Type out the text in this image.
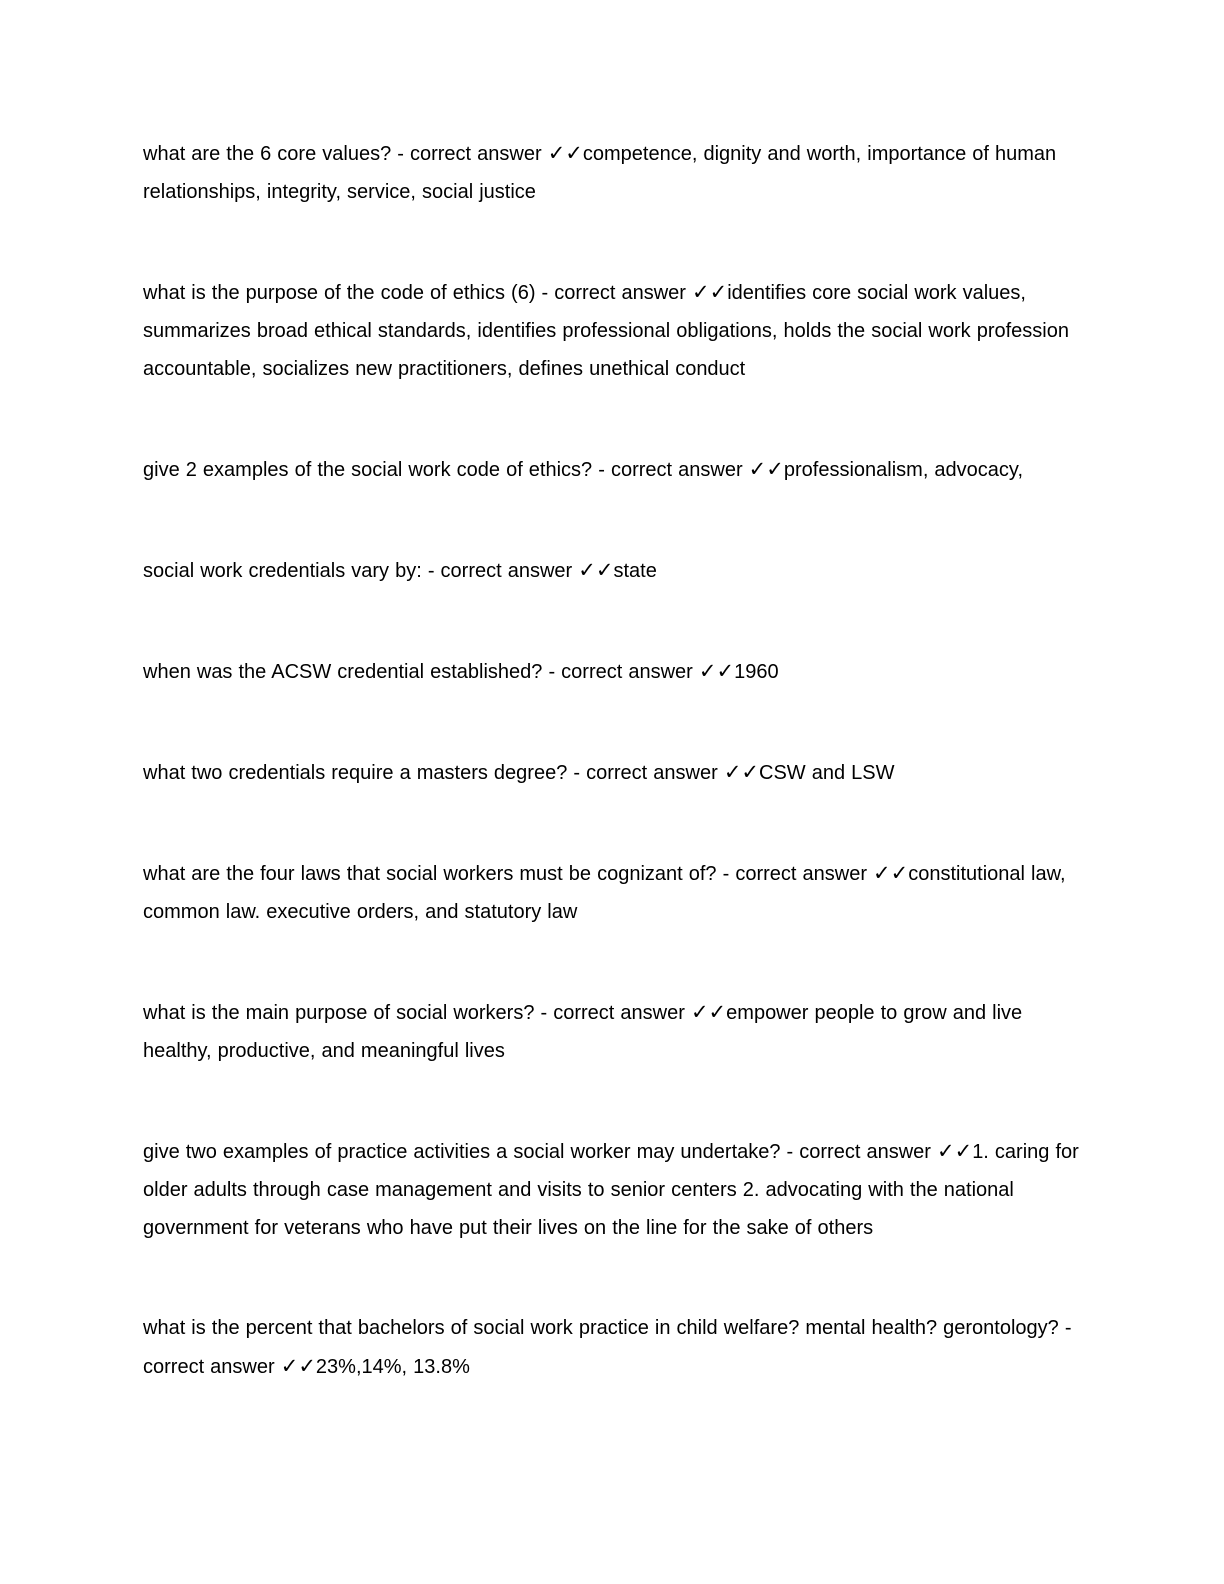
what are the 6 core values? - correct answer ✓✓competence, dignity and worth, importance of human relationships, integrity, service, social justice

what is the purpose of the code of ethics (6) - correct answer ✓✓identifies core social work values, summarizes broad ethical standards, identifies professional obligations, holds the social work profession accountable, socializes new practitioners, defines unethical conduct

give 2 examples of the social work code of ethics? - correct answer ✓✓professionalism, advocacy,

social work credentials vary by: - correct answer ✓✓state

when was the ACSW credential established? - correct answer ✓✓1960

what two credentials require a masters degree? - correct answer ✓✓CSW and LSW

what are the four laws that social workers must be cognizant of? - correct answer ✓✓constitutional law, common law. executive orders, and statutory law

what is the main purpose of social workers? - correct answer ✓✓empower people to grow and live healthy, productive, and meaningful lives

give two examples of practice activities a social worker may undertake? - correct answer ✓✓1. caring for older adults through case management and visits to senior centers 2. advocating with the national government for veterans who have put their lives on the line for the sake of others

what is the percent that bachelors of social work practice in child welfare? mental health? gerontology? - correct answer ✓✓23%,14%, 13.8%
